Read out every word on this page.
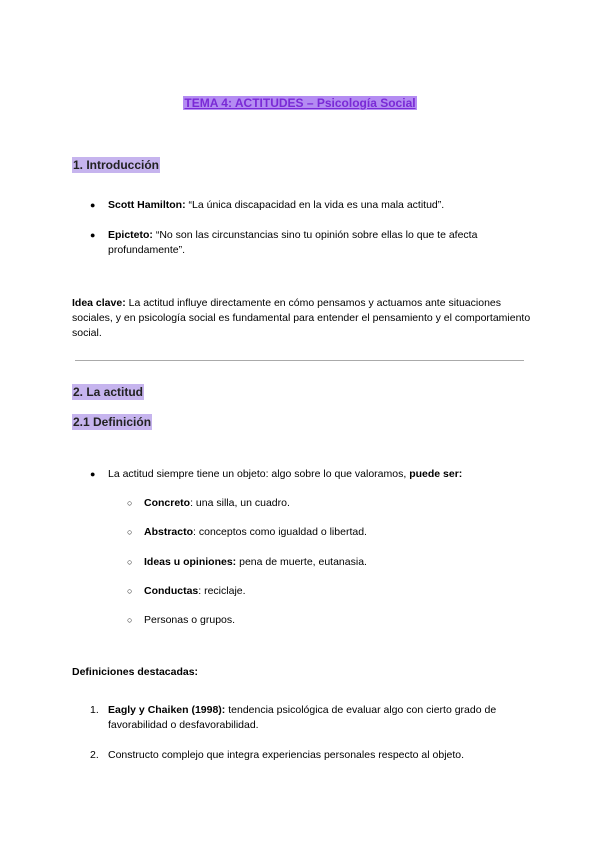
TEMA 4: ACTITUDES – Psicología Social
1. Introducción
● Scott Hamilton: “La única discapacidad en la vida es una mala actitud”.
● Epicteto: “No son las circunstancias sino tu opinión sobre ellas lo que te afecta profundamente”.
Idea clave: La actitud influye directamente en cómo pensamos y actuamos ante situaciones sociales, y en psicología social es fundamental para entender el pensamiento y el comportamiento social.
2. La actitud
2.1 Definición
● La actitud siempre tiene un objeto: algo sobre lo que valoramos, puede ser:
○ Concreto: una silla, un cuadro.
○ Abstracto: conceptos como igualdad o libertad.
○ Ideas u opiniones: pena de muerte, eutanasia.
○ Conductas: reciclaje.
○ Personas o grupos.
Definiciones destacadas:
1. Eagly y Chaiken (1998): tendencia psicológica de evaluar algo con cierto grado de favorabilidad o desfavorabilidad.
2. Constructo complejo que integra experiencias personales respecto al objeto.
